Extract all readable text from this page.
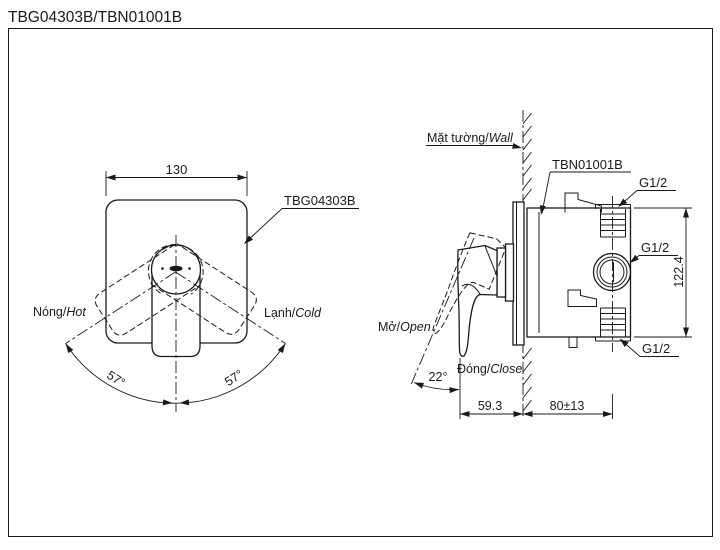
TBG04303B/TBN01001B
57°	57°
130
TBG04303B
Nóng/Hot	Lạnh/Cold
22°
Mở/Open
Đóng/Close
Mặt tường/Wall
TBN01001B
G1/2
G1/2
G1/2
122.4
59.3	80±13
